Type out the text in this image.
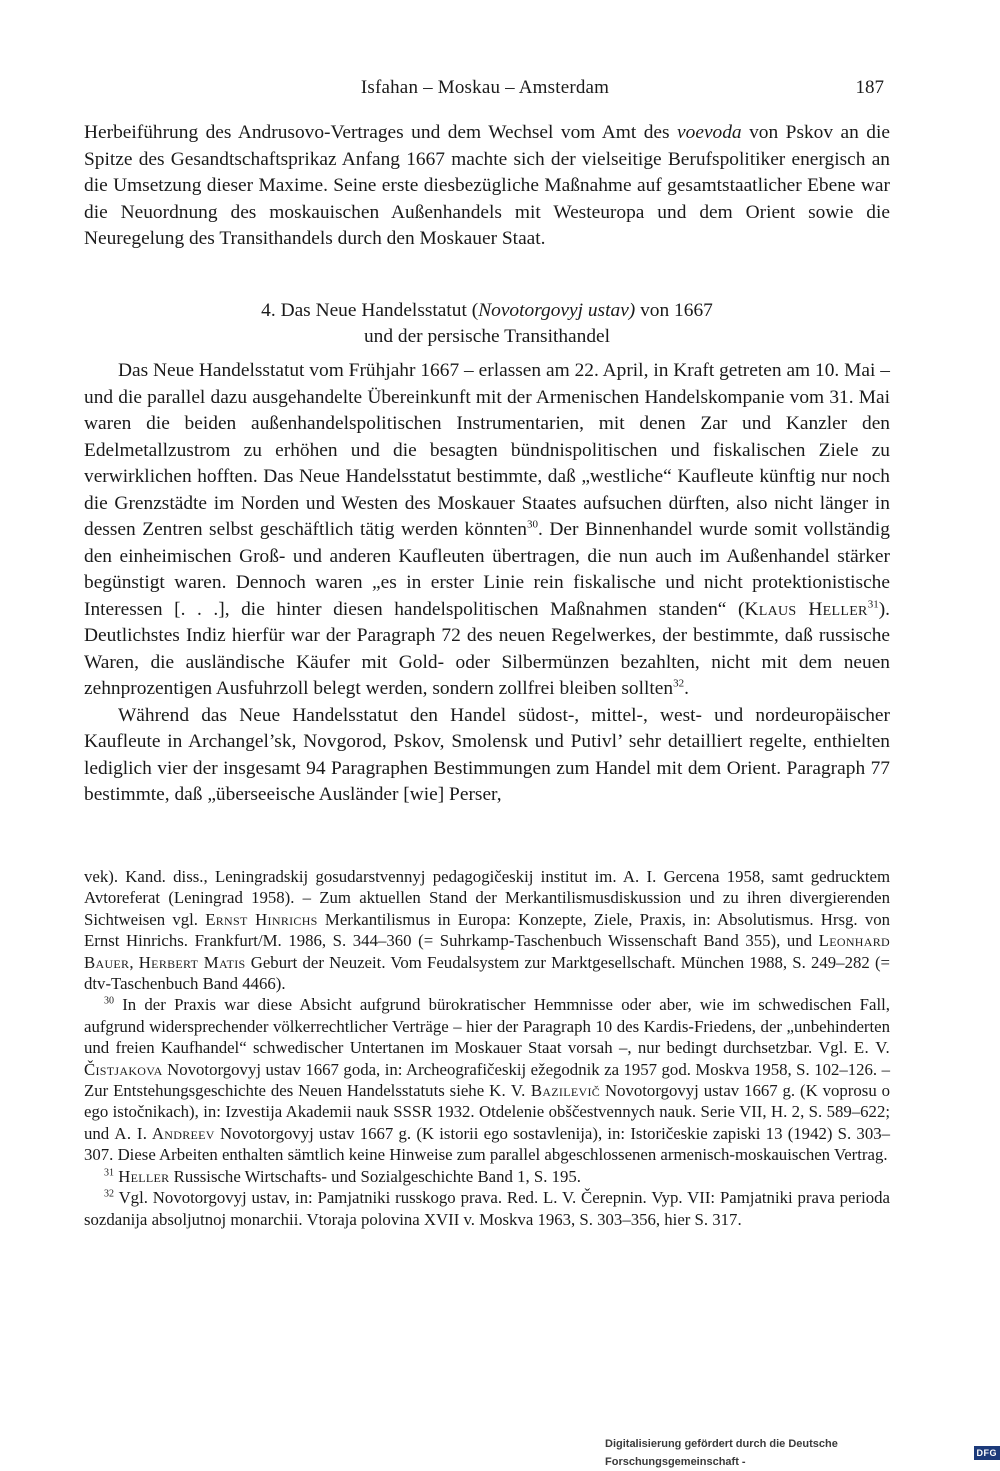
Isfahan – Moskau – Amsterdam	187

Herbeiführung des Andrusovo-Vertrages und dem Wechsel vom Amt des voevoda von Pskov an die Spitze des Gesandtschaftsprikaz Anfang 1667 machte sich der vielseitige Berufspolitiker energisch an die Umsetzung dieser Maxime. Seine erste diesbezügliche Maßnahme auf gesamtstaatlicher Ebene war die Neuordnung des moskauischen Außenhandels mit Westeuropa und dem Orient sowie die Neuregelung des Transithandels durch den Moskauer Staat.

4. Das Neue Handelsstatut (Novotorgovyj ustav) von 1667
und der persische Transithandel

Das Neue Handelsstatut vom Frühjahr 1667 – erlassen am 22. April, in Kraft getreten am 10. Mai – und die parallel dazu ausgehandelte Übereinkunft mit der Armenischen Handelskompanie vom 31. Mai waren die beiden außenhandelspolitischen Instrumentarien, mit denen Zar und Kanzler den Edelmetallzustrom zu erhöhen und die besagten bündnispolitischen und fiskalischen Ziele zu verwirklichen hofften. Das Neue Handelsstatut bestimmte, daß „westliche“ Kaufleute künftig nur noch die Grenzstädte im Norden und Westen des Moskauer Staates aufsuchen dürften, also nicht länger in dessen Zentren selbst geschäftlich tätig werden könnten$^{30}$. Der Binnenhandel wurde somit vollständig den einheimischen Groß- und anderen Kaufleuten übertragen, die nun auch im Außenhandel stärker begünstigt waren. Dennoch waren „es in erster Linie rein fiskalische und nicht protektionistische Interessen [. . .], die hinter diesen handelspolitischen Maßnahmen standen“ (Klaus Heller$^{31}$). Deutlichstes Indiz hierfür war der Paragraph 72 des neuen Regelwerkes, der bestimmte, daß russische Waren, die ausländische Käufer mit Gold- oder Silbermünzen bezahlten, nicht mit dem neuen zehnprozentigen Ausfuhrzoll belegt werden, sondern zollfrei bleiben sollten$^{32}$.

Während das Neue Handelsstatut den Handel südost-, mittel-, west- und nordeuropäischer Kaufleute in Archangel’sk, Novgorod, Pskov, Smolensk und Putivl’ sehr detailliert regelte, enthielten lediglich vier der insgesamt 94 Paragraphen Bestimmungen zum Handel mit dem Orient. Paragraph 77 bestimmte, daß „überseeische Ausländer [wie] Perser,

vek). Kand. diss., Leningradskij gosudarstvennyj pedagogičeskij institut im. A. I. Gercena 1958, samt gedrucktem Avtoreferat (Leningrad 1958). – Zum aktuellen Stand der Merkantilismusdiskussion und zu ihren divergierenden Sichtweisen vgl. Ernst Hinrichs Merkantilismus in Europa: Konzepte, Ziele, Praxis, in: Absolutismus. Hrsg. von Ernst Hinrichs. Frankfurt/M. 1986, S. 344–360 (= Suhrkamp-Taschenbuch Wissenschaft Band 355), und Leonhard Bauer, Herbert Matis Geburt der Neuzeit. Vom Feudalsystem zur Marktgesellschaft. München 1988, S. 249–282 (= dtv-Taschenbuch Band 4466).

$^{30}$ In der Praxis war diese Absicht aufgrund bürokratischer Hemmnisse oder aber, wie im schwedischen Fall, aufgrund widersprechender völkerrechtlicher Verträge – hier der Paragraph 10 des Kardis-Friedens, der „unbehinderten und freien Kaufhandel“ schwedischer Untertanen im Moskauer Staat vorsah –, nur bedingt durchsetzbar. Vgl. E. V. Čistjakova Novotorgovyj ustav 1667 goda, in: Archeografičeskij ežegodnik za 1957 god. Moskva 1958, S. 102–126. – Zur Entstehungsgeschichte des Neuen Handelsstatuts siehe K. V. Bazilevič Novotorgovyj ustav 1667 g. (K voprosu o ego istočnikach), in: Izvestija Akademii nauk SSSR 1932. Otdelenie obščestvennych nauk. Serie VII, H. 2, S. 589–622; und A. I. Andreev Novotorgovyj ustav 1667 g. (K istorii ego sostavlenija), in: Istoričeskie zapiski 13 (1942) S. 303–307. Diese Arbeiten enthalten sämtlich keine Hinweise zum parallel abgeschlossenen armenisch-moskauischen Vertrag.

$^{31}$ Heller Russische Wirtschafts- und Sozialgeschichte Band 1, S. 195.

$^{32}$ Vgl. Novotorgovyj ustav, in: Pamjatniki russkogo prava. Red. L. V. Čerepnin. Vyp. VII: Pamjatniki prava perioda sozdanija absoljutnoj monarchii. Vtoraja polovina XVII v. Moskva 1963, S. 303–356, hier S. 317.

Digitalisierung gefördert durch die Deutsche Forschungsgemeinschaft -
DFG
